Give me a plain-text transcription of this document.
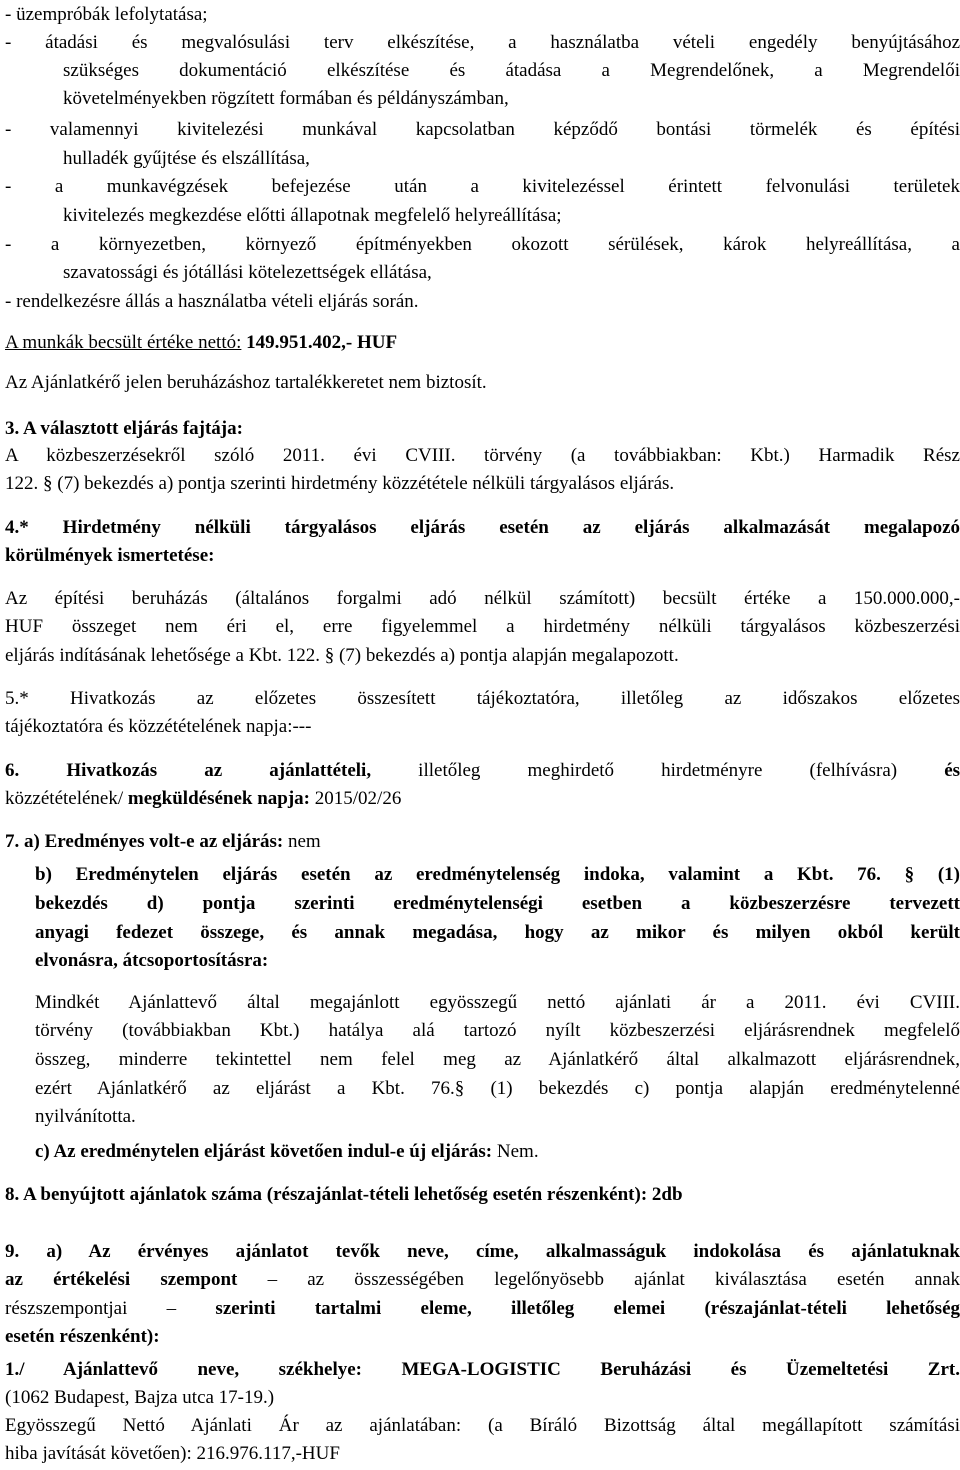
- üzempróbák lefolytatása;
- átadási és megvalósulási terv elkészítése, a használatba vételi engedély benyújtásához
szükséges dokumentáció elkészítése és átadása a Megrendelőnek, a Megrendelői
követelményekben rögzített formában és példányszámban,
- valamennyi kivitelezési munkával kapcsolatban képződő bontási törmelék és építési
hulladék gyűjtése és elszállítása,
- a munkavégzések befejezése után a kivitelezéssel érintett felvonulási területek
kivitelezés megkezdése előtti állapotnak megfelelő helyreállítása;
- a környezetben, környező építményekben okozott sérülések, károk helyreállítása, a
szavatossági és jótállási kötelezettségek ellátása,
- rendelkezésre állás a használatba vételi eljárás során.
A munkák becsült értéke nettó: 149.951.402,- HUF
Az Ajánlatkérő jelen beruházáshoz tartalékkeretet nem biztosít.
3. A választott eljárás fajtája:
A közbeszerzésekről szóló 2011. évi CVIII. törvény (a továbbiakban: Kbt.) Harmadik Rész
122. § (7) bekezdés a) pontja szerinti hirdetmény közzététele nélküli tárgyalásos eljárás.
4.* Hirdetmény nélküli tárgyalásos eljárás esetén az eljárás alkalmazását megalapozó
körülmények ismertetése:
Az építési beruházás (általános forgalmi adó nélkül számított) becsült értéke a 150.000.000,-
HUF összeget nem éri el, erre figyelemmel a hirdetmény nélküli tárgyalásos közbeszerzési
eljárás indításának lehetősége a Kbt. 122. § (7) bekezdés a) pontja alapján megalapozott.
5.* Hivatkozás az előzetes összesített tájékoztatóra, illetőleg az időszakos előzetes
tájékoztatóra és közzétételének napja:---
6. Hivatkozás az ajánlattételi, illetőleg meghirdető hirdetményre (felhívásra) és
közzétételének/ megküldésének napja: 2015/02/26
7. a) Eredményes volt-e az eljárás: nem
b) Eredménytelen eljárás esetén az eredménytelenség indoka, valamint a Kbt. 76. § (1)
bekezdés d) pontja szerinti eredménytelenségi esetben a közbeszerzésre tervezett
anyagi fedezet összege, és annak megadása, hogy az mikor és milyen okból került
elvonásra, átcsoportosításra:
Mindkét Ajánlattevő által megajánlott egyösszegű nettó ajánlati ár a 2011. évi CVIII.
törvény (továbbiakban Kbt.) hatálya alá tartozó nyílt közbeszerzési eljárásrendnek megfelelő
összeg, minderre tekintettel nem felel meg az Ajánlatkérő által alkalmazott eljárásrendnek,
ezért Ajánlatkérő az eljárást a Kbt. 76.§ (1) bekezdés c) pontja alapján eredménytelenné
nyilvánította.
c) Az eredménytelen eljárást követően indul-e új eljárás: Nem.
8. A benyújtott ajánlatok száma (részajánlat-tételi lehetőség esetén részenként): 2db
9. a) Az érvényes ajánlatot tevők neve, címe, alkalmasságuk indokolása és ajánlatuknak
az értékelési szempont – az összességében legelőnyösebb ajánlat kiválasztása esetén annak
részszempontjai – szerinti tartalmi eleme, illetőleg elemei (részajánlat-tételi lehetőség
esetén részenként):
1./ Ajánlattevő neve, székhelye: MEGA-LOGISTIC Beruházási és Üzemeltetési Zrt.
(1062 Budapest, Bajza utca 17-19.)
Egyösszegű Nettó Ajánlati Ár az ajánlatában: (a Bíráló Bizottság által megállapított számítási
hiba javítását követően): 216.976.117,-HUF
